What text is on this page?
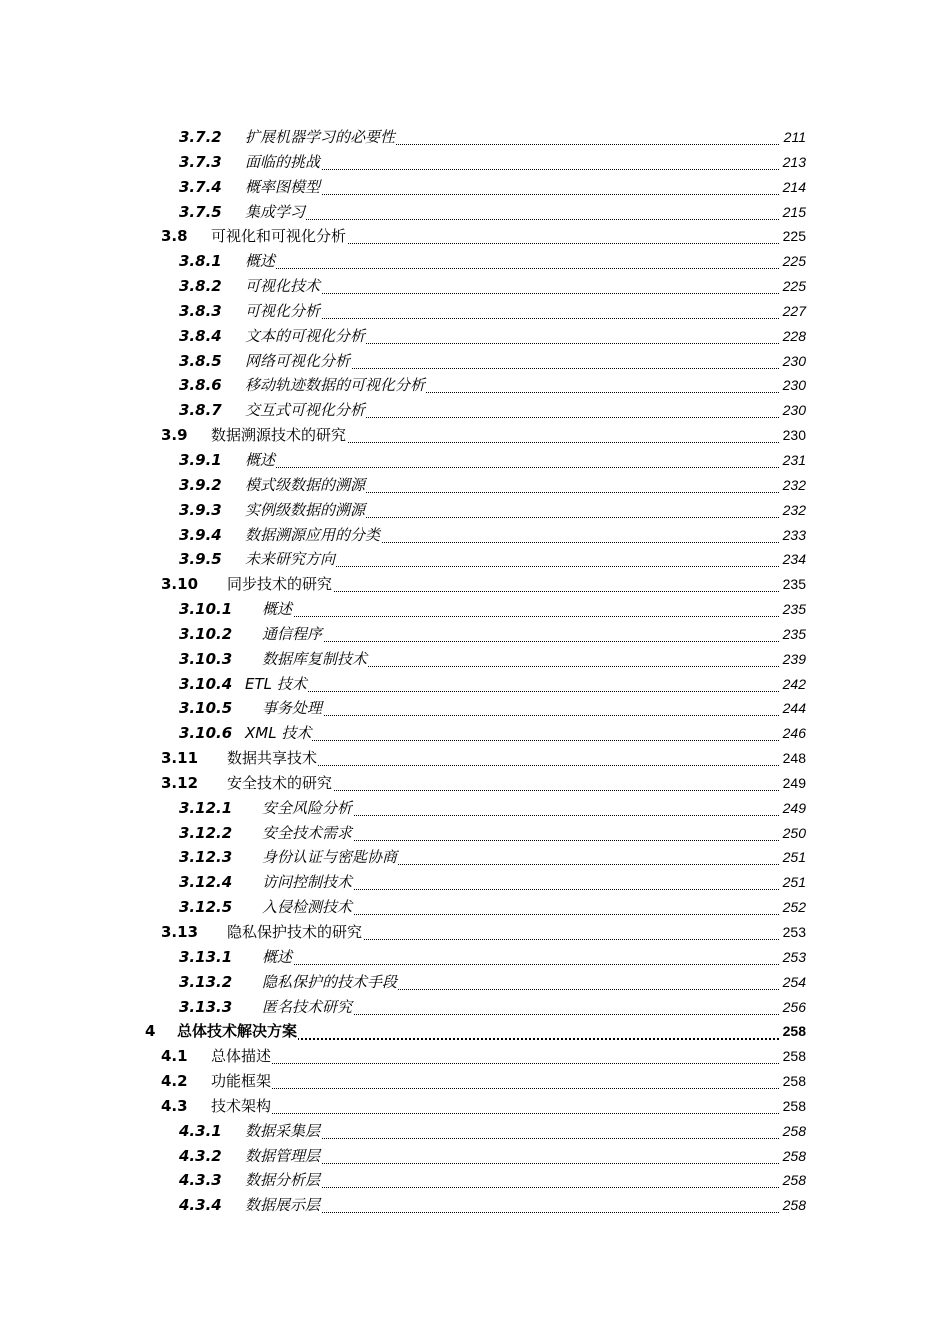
3.7.2 扩展机器学习的必要性	211
3.7.3 面临的挑战	213
3.7.4 概率图模型	214
3.7.5 集成学习	215
3.8 可视化和可视化分析	225
3.8.1 概述	225
3.8.2 可视化技术	225
3.8.3 可视化分析	227
3.8.4 文本的可视化分析	228
3.8.5 网络可视化分析	230
3.8.6 移动轨迹数据的可视化分析	230
3.8.7 交互式可视化分析	230
3.9 数据溯源技术的研究	230
3.9.1 概述	231
3.9.2 模式级数据的溯源	232
3.9.3 实例级数据的溯源	232
3.9.4 数据溯源应用的分类	233
3.9.5 未来研究方向	234
3.10 同步技术的研究	235
3.10.1 概述	235
3.10.2 通信程序	235
3.10.3 数据库复制技术	239
3.10.4 ETL 技术	242
3.10.5 事务处理	244
3.10.6 XML 技术	246
3.11 数据共享技术	248
3.12 安全技术的研究	249
3.12.1 安全风险分析	249
3.12.2 安全技术需求	250
3.12.3 身份认证与密匙协商	251
3.12.4 访问控制技术	251
3.12.5 入侵检测技术	252
3.13 隐私保护技术的研究	253
3.13.1 概述	253
3.13.2 隐私保护的技术手段	254
3.13.3 匿名技术研究	256
4 总体技术解决方案	258
4.1 总体描述	258
4.2 功能框架	258
4.3 技术架构	258
4.3.1 数据采集层	258
4.3.2 数据管理层	258
4.3.3 数据分析层	258
4.3.4 数据展示层	258
